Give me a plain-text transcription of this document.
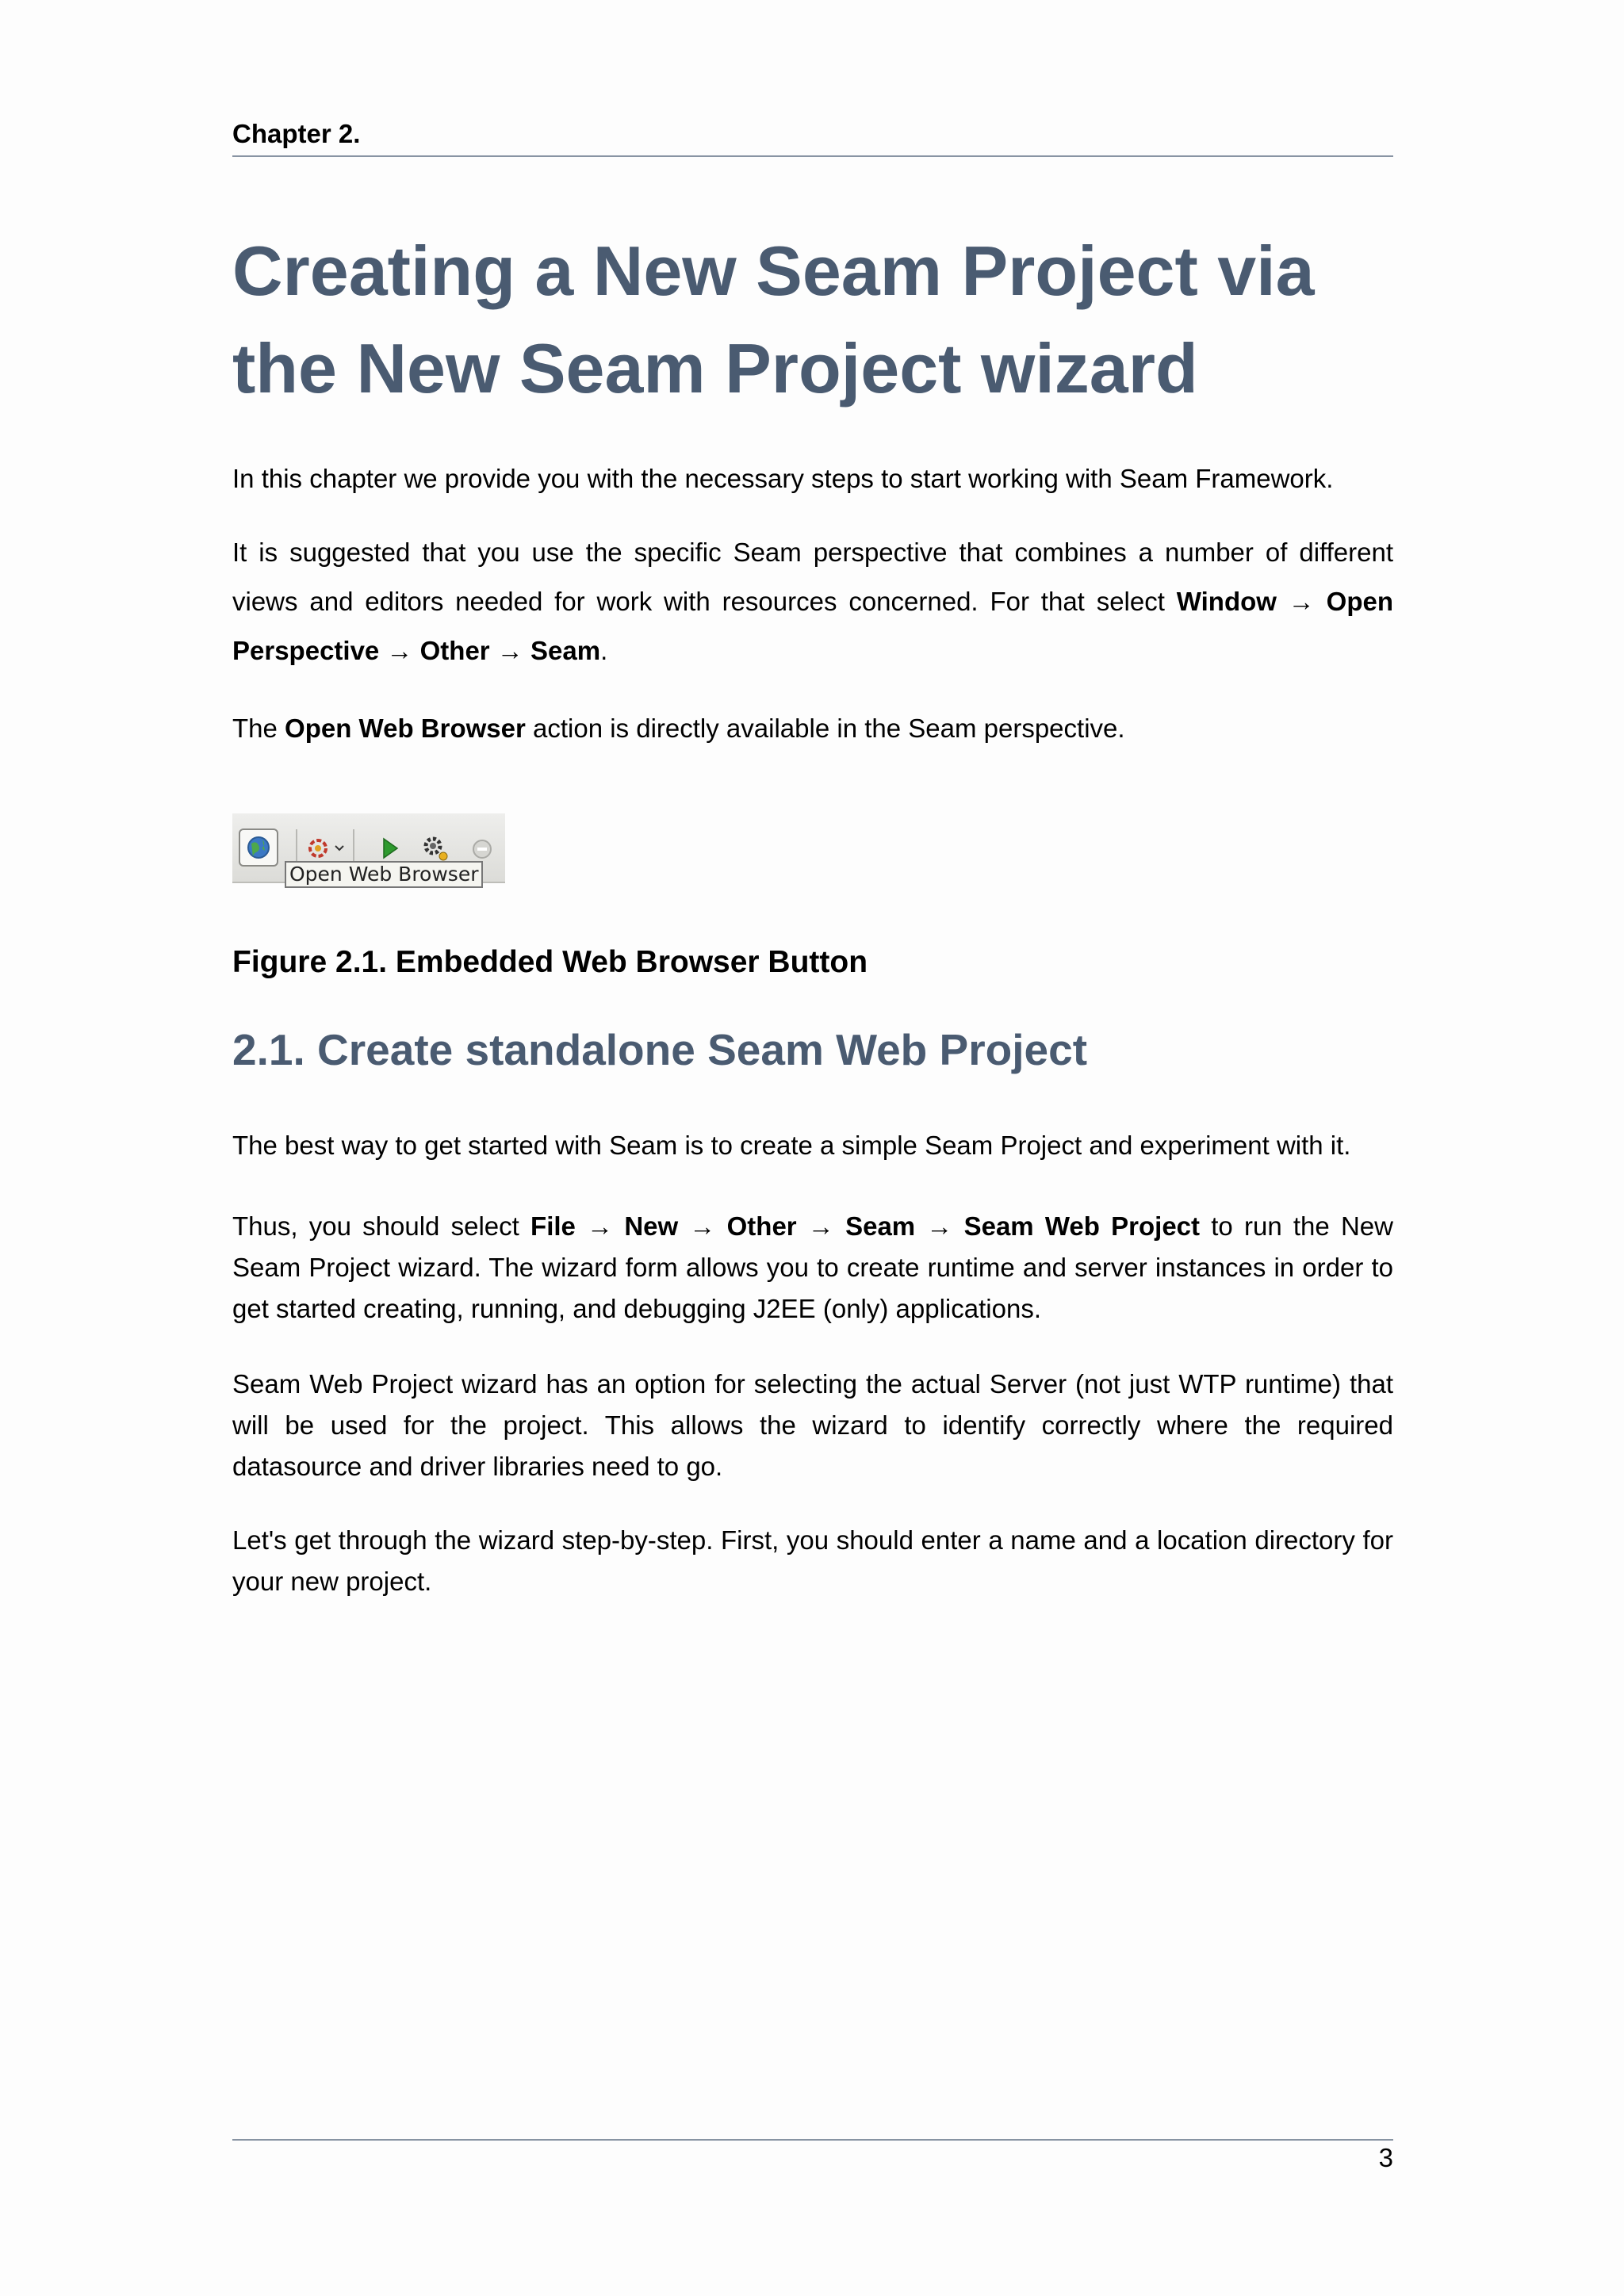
Chapter 2.
Creating a New Seam Project via the New Seam Project wizard

In this chapter we provide you with the necessary steps to start working with Seam Framework.

It is suggested that you use the specific Seam perspective that combines a number of different views and editors needed for work with resources concerned. For that select Window → Open Perspective → Other → Seam.

The Open Web Browser action is directly available in the Seam perspective.

Open Web Browser

Figure 2.1. Embedded Web Browser Button

2.1. Create standalone Seam Web Project

The best way to get started with Seam is to create a simple Seam Project and experiment with it.

Thus, you should select File → New → Other → Seam → Seam Web Project to run the New Seam Project wizard. The wizard form allows you to create runtime and server instances in order to get started creating, running, and debugging J2EE (only) applications.

Seam Web Project wizard has an option for selecting the actual Server (not just WTP runtime) that will be used for the project. This allows the wizard to identify correctly where the required datasource and driver libraries need to go.

Let's get through the wizard step-by-step. First, you should enter a name and a location directory for your new project.

3
